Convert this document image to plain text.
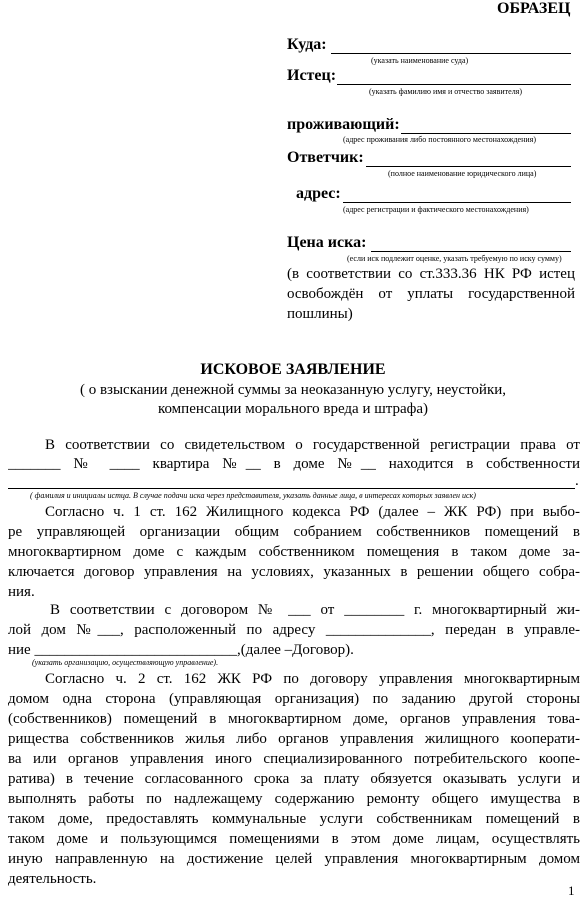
ОБРАЗЕЦ
Куда:
(указать наименование суда)
Истец:
(указать фамилию имя и отчество заявителя)
проживающий:
(адрес проживания либо постоянного местонахождения)
Ответчик:
(полное наименование юридического лица)
адрес:
(адрес регистрации и фактического местонахождения)
Цена иска:
(если иск подлежит оценке, указать требуемую по иску сумму)
(в соответствии со ст.333.36 НК РФ истец
освобождён от уплаты государственной
пошлины)
ИСКОВОЕ ЗАЯВЛЕНИЕ
( о взыскании денежной суммы за неоказанную услугу, неустойки,
компенсации морального вреда и штрафа)
В соответствии со свидетельством о государственной регистрации права от
_______ № ____ квартира №__ в доме №__ находится в собственности
.
( фамилия и инициалы истца. В случае подачи иска через представителя, указать данные лица, в интересах которых заявлен иск)
Согласно ч. 1 ст. 162 Жилищного кодекса РФ (далее – ЖК РФ) при выбо-
ре управляющей организации общим собранием собственников помещений в
многоквартирном доме с каждым собственником помещения в таком доме за-
ключается договор управления на условиях, указанных в решении общего собра-
ния.
В соответствии с договором № ___ от ________ г. многоквартирный жи-
лой дом №___, расположенный по адресу ______________, передан в управле-
ние ___________________________,(далее –Договор).
(указать организацию, осуществляющую управление).
Согласно ч. 2 ст. 162 ЖК РФ по договору управления многоквартирным
домом одна сторона (управляющая организация) по заданию другой стороны
(собственников) помещений в многоквартирном доме, органов управления това-
рищества собственников жилья либо органов управления жилищного кооперати-
ва или органов управления иного специализированного потребительского коопе-
ратива) в течение согласованного срока за плату обязуется оказывать услуги и
выполнять работы по надлежащему содержанию ремонту общего имущества в
таком доме, предоставлять коммунальные услуги собственникам помещений в
таком доме и пользующимся помещениями в этом доме лицам, осуществлять
иную направленную на достижение целей управления многоквартирным домом
деятельность.
1
